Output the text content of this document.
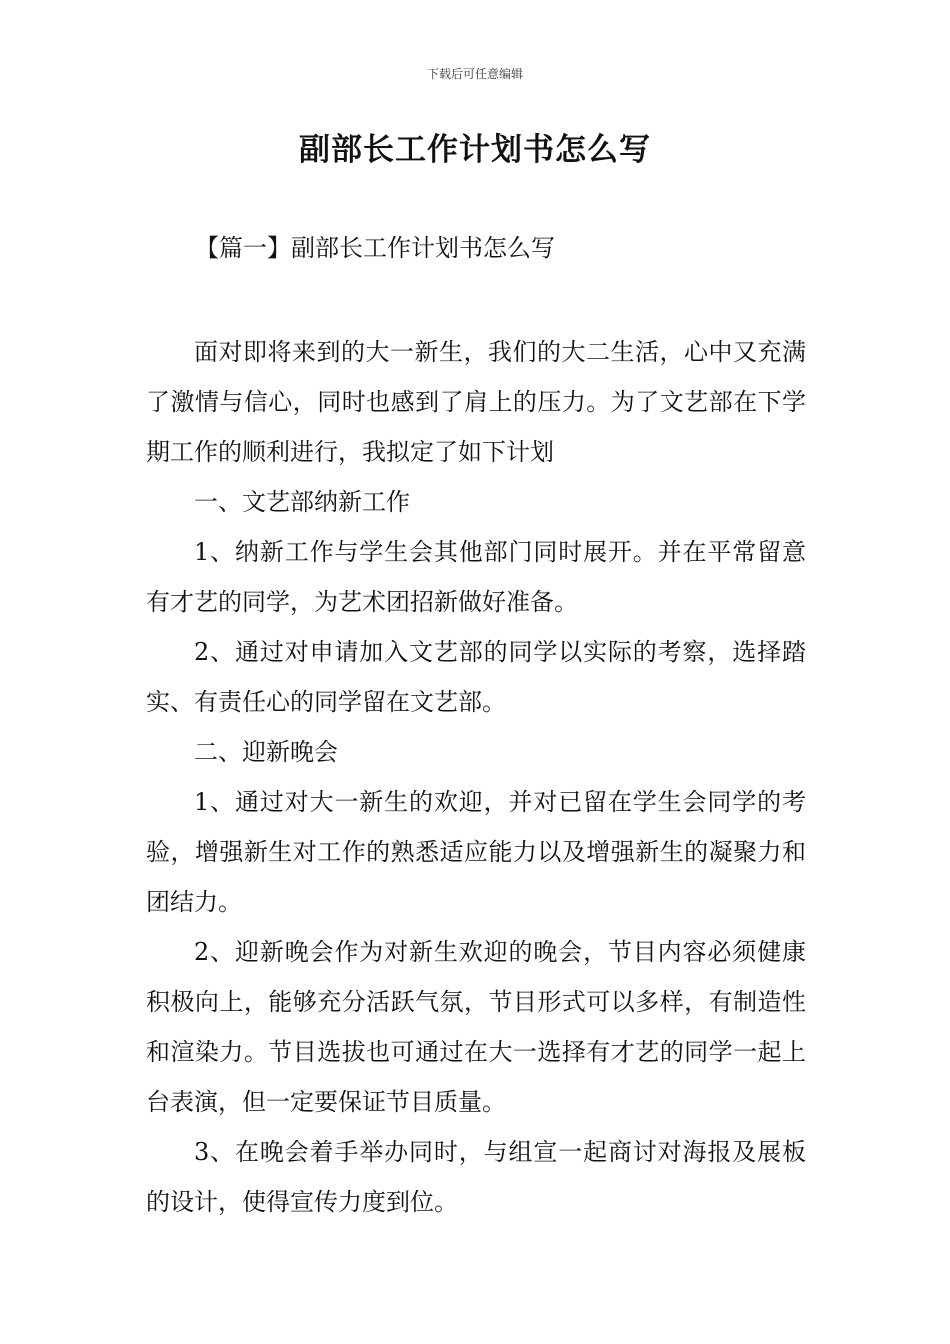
下载后可任意编辑
副部长工作计划书怎么写
【篇一】副部长工作计划书怎么写

面对即将来到的大一新生，我们的大二生活，心中又充满了激情与信心，同时也感到了肩上的压力。为了文艺部在下学期工作的顺利进行，我拟定了如下计划

一、文艺部纳新工作

1、纳新工作与学生会其他部门同时展开。并在平常留意有才艺的同学，为艺术团招新做好准备。

2、通过对申请加入文艺部的同学以实际的考察，选择踏实、有责任心的同学留在文艺部。

二、迎新晚会

1、通过对大一新生的欢迎，并对已留在学生会同学的考验，增强新生对工作的熟悉适应能力以及增强新生的凝聚力和团结力。

2、迎新晚会作为对新生欢迎的晚会，节目内容必须健康积极向上，能够充分活跃气氛，节目形式可以多样，有制造性和渲染力。节目选拔也可通过在大一选择有才艺的同学一起上台表演，但一定要保证节目质量。

3、在晚会着手举办同时，与组宣一起商讨对海报及展板的设计，使得宣传力度到位。
